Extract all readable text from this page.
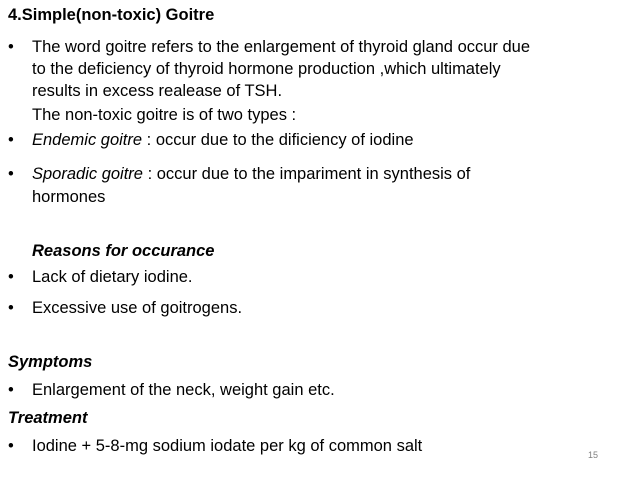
4.Simple(non-toxic) Goitre
•	The word goitre refers to the enlargement of thyroid gland occur due
to the deficiency of thyroid hormone production ,which ultimately
results in excess realease of TSH.
The non-toxic goitre is of two types :
•	Endemic goitre : occur due to the dificiency of iodine
•	Sporadic goitre : occur due to the impariment in synthesis of
hormones
Reasons for occurance
•	Lack of dietary iodine.
•	Excessive use of goitrogens.
Symptoms
•	Enlargement of the neck, weight gain etc.
Treatment
•	Iodine + 5-8-mg sodium iodate per kg of common salt	15
